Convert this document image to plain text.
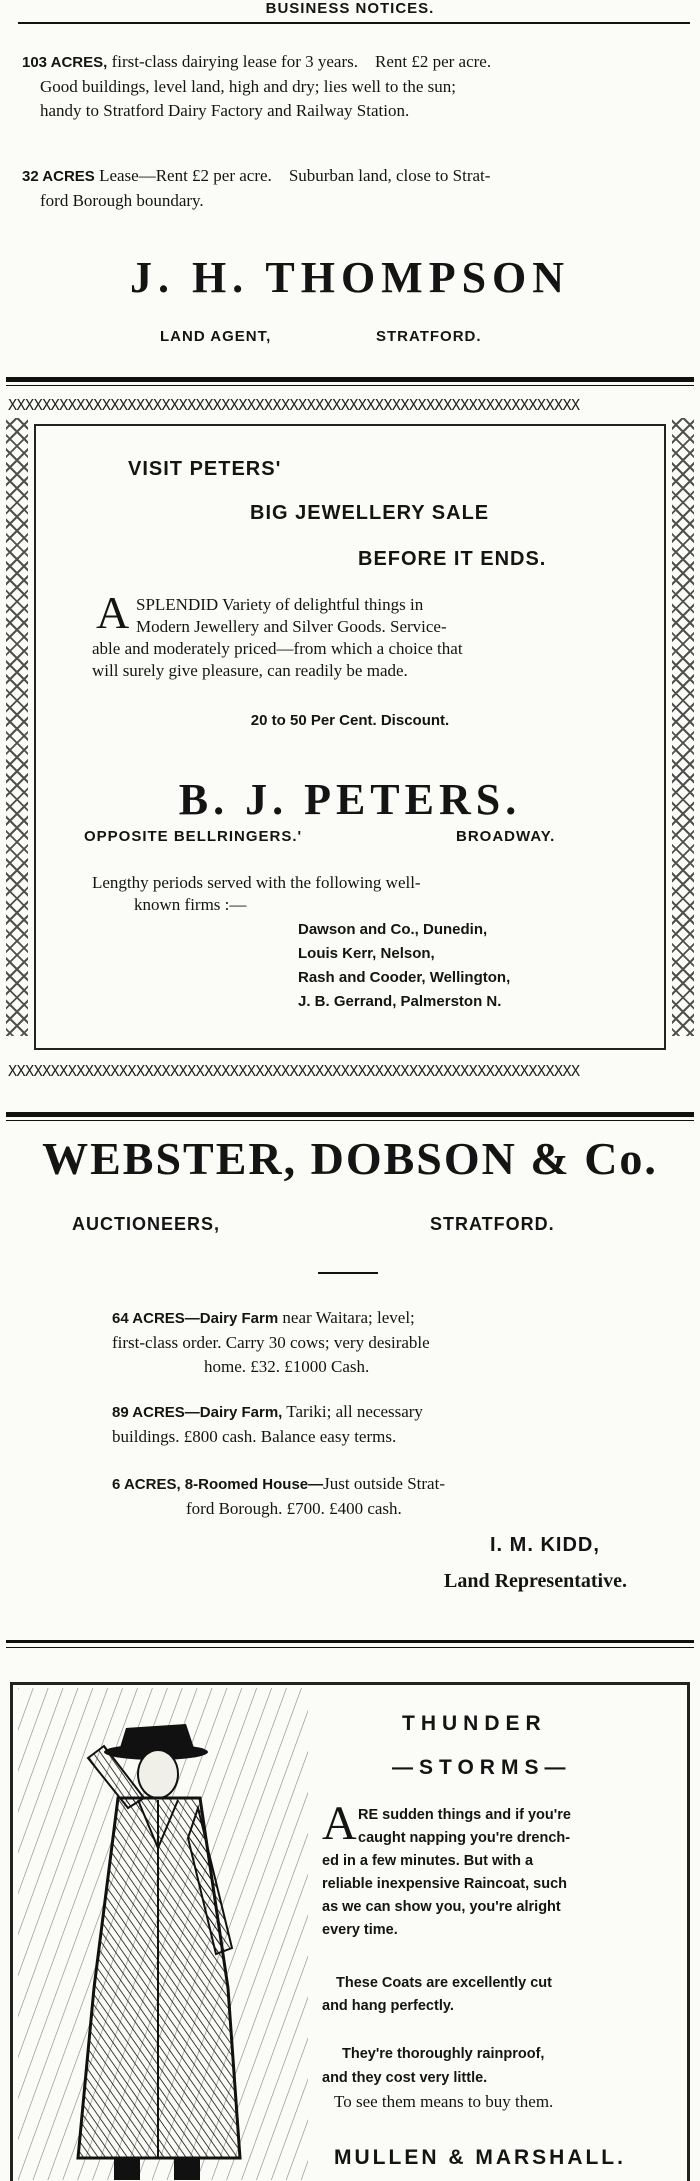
BUSINESS NOTICES.
103 ACRES, first-class dairying lease for 3 years. Rent £2 per acre.
Good buildings, level land, high and dry; lies well to the sun;
handy to Stratford Dairy Factory and Railway Station.
32 ACRES Lease—Rent £2 per acre. Suburban land, close to Strat-
ford Borough boundary.
J. H. THOMPSON
LAND AGENT,	STRATFORD.
XXXXXXXXXXXXXXXXXXXXXXXXXXXXXXXXXXXXXXXXXXXXXXXXXXXXXXXXXXXXXXXXXXX
XXXXXXXXXXXXXXXXXXXXXXXXXXXXXXXXXXXXXXXXXXXXXXXXXXXXXXXXXXXXXXXXXXX
VISIT PETERS'
BIG JEWELLERY SALE
BEFORE IT ENDS.
A SPLENDID Variety of delightful things in
Modern Jewellery and Silver Goods. Service-
able and moderately priced—from which a choice that
will surely give pleasure, can readily be made.
20 to 50 Per Cent. Discount.
B. J. PETERS.
OPPOSITE BELLRINGERS.'	BROADWAY.
Lengthy periods served with the following well-
known firms :—
Dawson and Co., Dunedin,
Louis Kerr, Nelson,
Rash and Cooder, Wellington,
J. B. Gerrand, Palmerston N.
WEBSTER, DOBSON & Co.
AUCTIONEERS,	STRATFORD.
64 ACRES—Dairy Farm near Waitara; level;
first-class order. Carry 30 cows; very desirable
home. £32. £1000 Cash.
89 ACRES—Dairy Farm, Tariki; all necessary
buildings. £800 cash. Balance easy terms.
6 ACRES, 8-Roomed House—Just outside Strat-
ford Borough. £700. £400 cash.
I. M. KIDD,
Land Representative.
THUNDER
—STORMS—
A RE sudden things and if you're
caught napping you're drench-
ed in a few minutes. But with a
reliable inexpensive Raincoat, such
as we can show you, you're alright
every time.
These Coats are excellently cut
and hang perfectly.
They're thoroughly rainproof,
and they cost very little.
To see them means to buy them.
MULLEN & MARSHALL.
